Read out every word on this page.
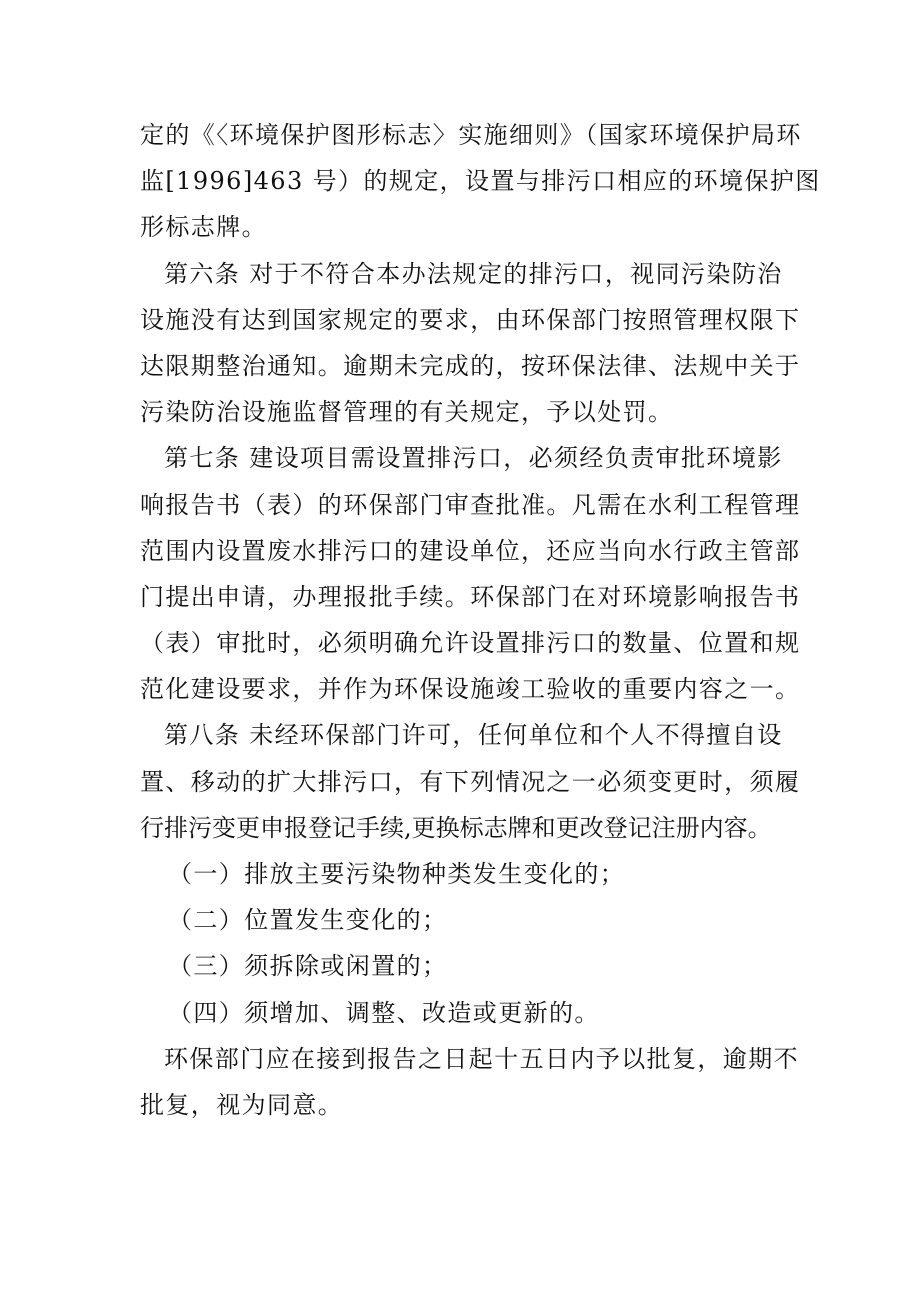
定的《〈环境保护图形标志〉实施细则》（国家环境保护局环
监[1996]463 号）的规定，设置与排污口相应的环境保护图
形标志牌。
第六条 对于不符合本办法规定的排污口，视同污染防治
设施没有达到国家规定的要求，由环保部门按照管理权限下
达限期整治通知。逾期未完成的，按环保法律、法规中关于
污染防治设施监督管理的有关规定，予以处罚。
第七条 建设项目需设置排污口，必须经负责审批环境影
响报告书（表）的环保部门审查批准。凡需在水利工程管理
范围内设置废水排污口的建设单位，还应当向水行政主管部
门提出申请，办理报批手续。环保部门在对环境影响报告书
（表）审批时，必须明确允许设置排污口的数量、位置和规
范化建设要求，并作为环保设施竣工验收的重要内容之一。
第八条 未经环保部门许可，任何单位和个人不得擅自设
置、移动的扩大排污口，有下列情况之一必须变更时，须履
行排污变更申报登记手续,更换标志牌和更改登记注册内容。
（一）排放主要污染物种类发生变化的；
（二）位置发生变化的；
（三）须拆除或闲置的；
（四）须增加、调整、改造或更新的。
环保部门应在接到报告之日起十五日内予以批复，逾期不
批复，视为同意。
